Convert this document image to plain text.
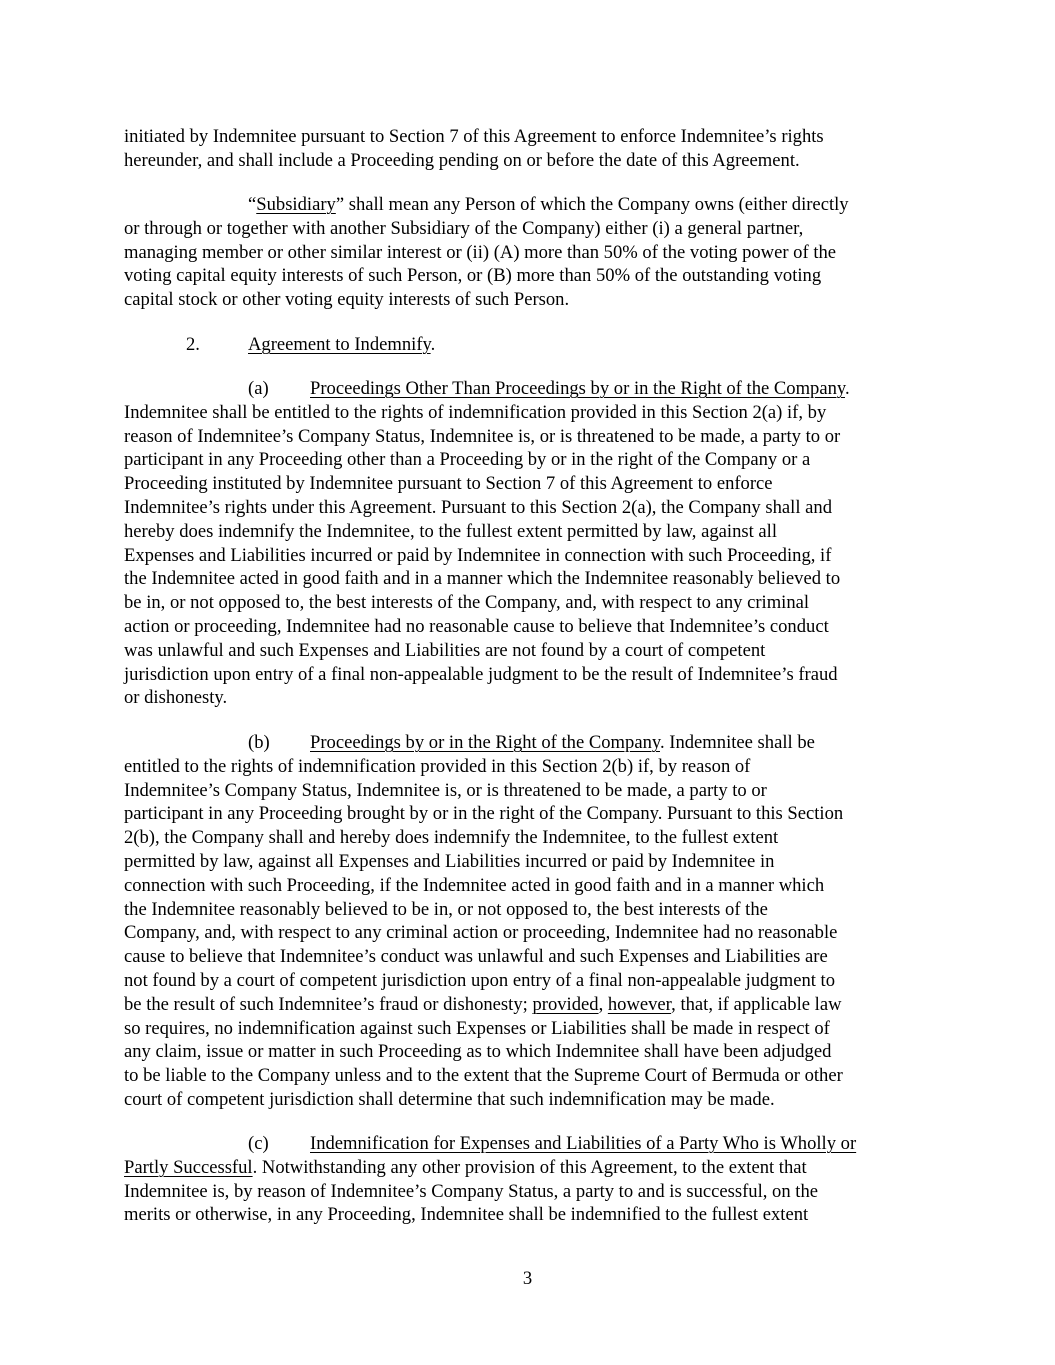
initiated by Indemnitee pursuant to Section 7 of this Agreement to enforce Indemnitee’s rights
hereunder, and shall include a Proceeding pending on or before the date of this Agreement.
“Subsidiary” shall mean any Person of which the Company owns (either directly
or through or together with another Subsidiary of the Company) either (i) a general partner,
managing member or other similar interest or (ii) (A) more than 50% of the voting power of the
voting capital equity interests of such Person, or (B) more than 50% of the outstanding voting
capital stock or other voting equity interests of such Person.
2.	Agreement to Indemnify.
(a) Proceedings Other Than Proceedings by or in the Right of the Company.
Indemnitee shall be entitled to the rights of indemnification provided in this Section 2(a) if, by
reason of Indemnitee’s Company Status, Indemnitee is, or is threatened to be made, a party to or
participant in any Proceeding other than a Proceeding by or in the right of the Company or a
Proceeding instituted by Indemnitee pursuant to Section 7 of this Agreement to enforce
Indemnitee’s rights under this Agreement. Pursuant to this Section 2(a), the Company shall and
hereby does indemnify the Indemnitee, to the fullest extent permitted by law, against all
Expenses and Liabilities incurred or paid by Indemnitee in connection with such Proceeding, if
the Indemnitee acted in good faith and in a manner which the Indemnitee reasonably believed to
be in, or not opposed to, the best interests of the Company, and, with respect to any criminal
action or proceeding, Indemnitee had no reasonable cause to believe that Indemnitee’s conduct
was unlawful and such Expenses and Liabilities are not found by a court of competent
jurisdiction upon entry of a final non-appealable judgment to be the result of Indemnitee’s fraud
or dishonesty.
(b) Proceedings by or in the Right of the Company. Indemnitee shall be
entitled to the rights of indemnification provided in this Section 2(b) if, by reason of
Indemnitee’s Company Status, Indemnitee is, or is threatened to be made, a party to or
participant in any Proceeding brought by or in the right of the Company. Pursuant to this Section
2(b), the Company shall and hereby does indemnify the Indemnitee, to the fullest extent
permitted by law, against all Expenses and Liabilities incurred or paid by Indemnitee in
connection with such Proceeding, if the Indemnitee acted in good faith and in a manner which
the Indemnitee reasonably believed to be in, or not opposed to, the best interests of the
Company, and, with respect to any criminal action or proceeding, Indemnitee had no reasonable
cause to believe that Indemnitee’s conduct was unlawful and such Expenses and Liabilities are
not found by a court of competent jurisdiction upon entry of a final non-appealable judgment to
be the result of such Indemnitee’s fraud or dishonesty; provided, however, that, if applicable law
so requires, no indemnification against such Expenses or Liabilities shall be made in respect of
any claim, issue or matter in such Proceeding as to which Indemnitee shall have been adjudged
to be liable to the Company unless and to the extent that the Supreme Court of Bermuda or other
court of competent jurisdiction shall determine that such indemnification may be made.
(c) Indemnification for Expenses and Liabilities of a Party Who is Wholly or
Partly Successful. Notwithstanding any other provision of this Agreement, to the extent that
Indemnitee is, by reason of Indemnitee’s Company Status, a party to and is successful, on the
merits or otherwise, in any Proceeding, Indemnitee shall be indemnified to the fullest extent
3
